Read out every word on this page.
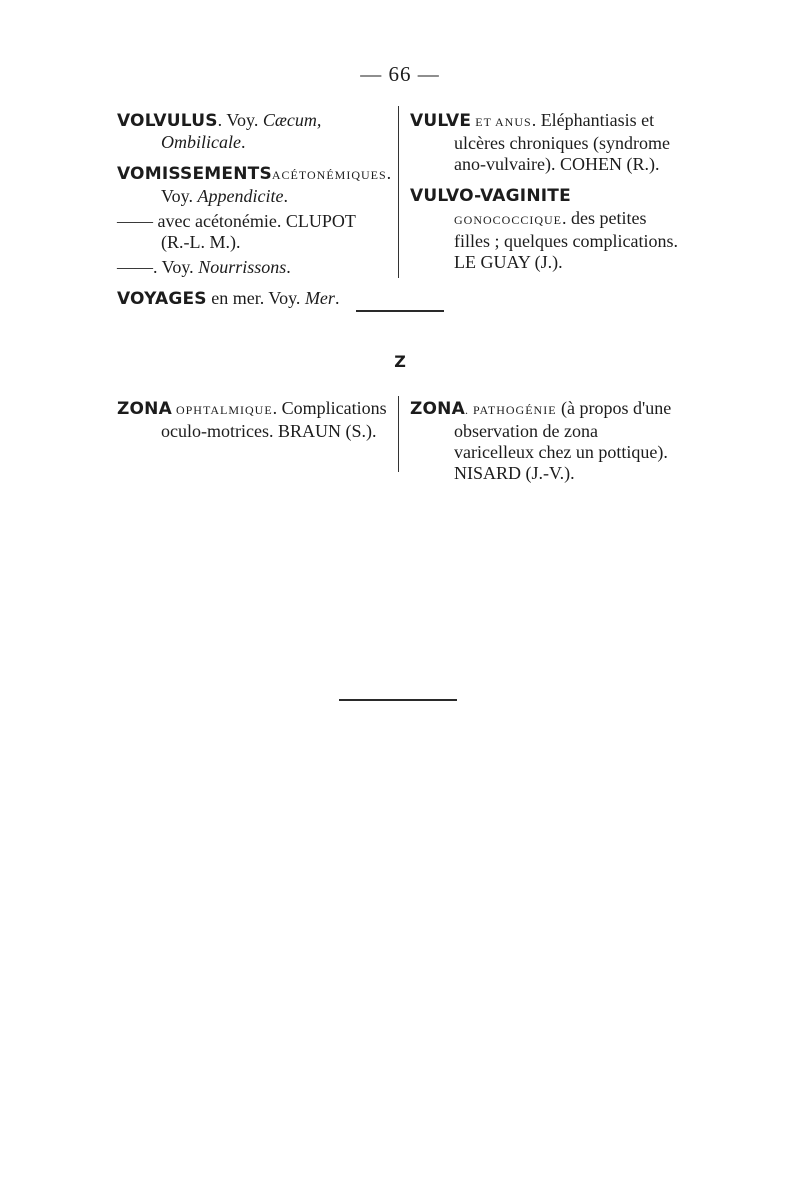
— 66 —
VOLVULUS. Voy. Cæcum, Ombilicale.
VOMISSEMENTSACÉTONÉMIQUES.
Voy. Appendicite.
—— avec acétonémie. CLUPOT (R.-L. M.).
——. Voy. Nourrissons.
VOYAGES en mer. Voy. Mer.
VULVE ET ANUS. Eléphantiasis et ulcères chroniques (syndrome ano-vulvaire). COHEN (R.).
VULVO-VAGINITE GONOCOCCIQUE. des petites filles ; quelques complications. LE GUAY (J.).
Z
ZONA OPHTALMIQUE. Complications oculo-motrices. BRAUN (S.).
ZONA. PATHOGÉNIE (à propos d'une observation de zona varicelleux chez un pottique). NISARD (J.-V.).
